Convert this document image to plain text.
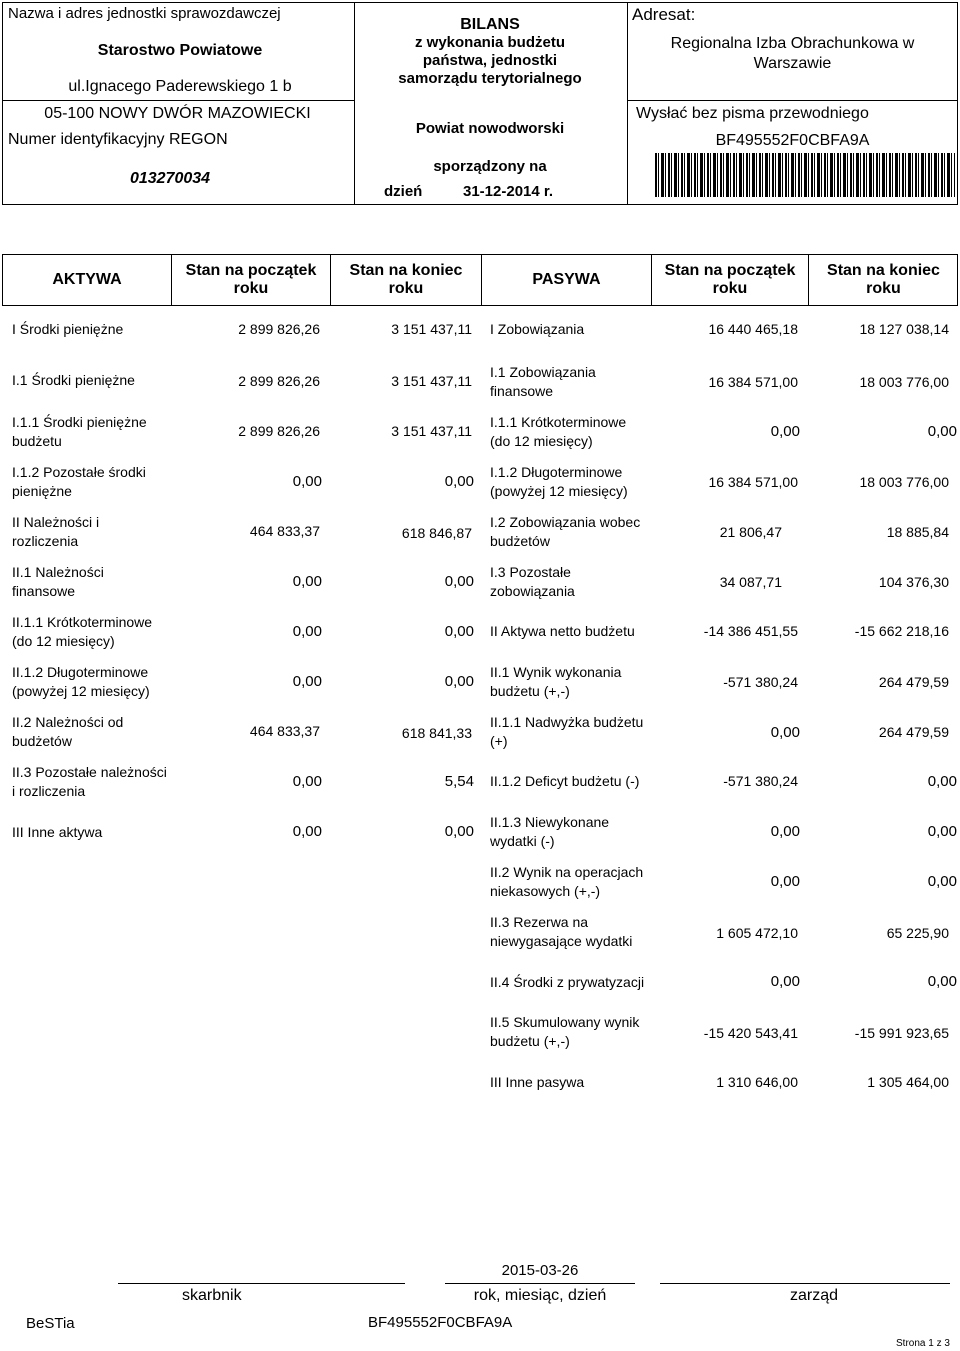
Nazwa i adres jednostki sprawozdawczej
Starostwo Powiatowe
ul.Ignacego Paderewskiego 1 b
05-100 NOWY DWÓR MAZOWIECKI
Numer identyfikacyjny REGON
013270034
BILANS
z wykonania budżetu
państwa, jednostki
samorządu terytorialnego
Powiat nowodworski
sporządzony na
dzień	31-12-2014 r.
Adresat:
Regionalna Izba Obrachunkowa w
Warszawie
Wysłać bez pisma przewodniego
BF495552F0CBFA9A
AKTYWA
Stan na początek
roku
Stan na koniec
roku
PASYWA
Stan na początek
roku
Stan na koniec
roku
I Środki pieniężne	2 899 826,26	3 151 437,11
I.1 Środki pieniężne	2 899 826,26	3 151 437,11
I.1.1 Środki pieniężne budżetu
2 899 826,26	3 151 437,11
I.1.2 Pozostałe środki pieniężne
0,00	0,00
II Należności i rozliczenia
464 833,37	618 846,87
II.1 Należności finansowe
0,00	0,00
II.1.1 Krótkoterminowe (do 12 miesięcy)
0,00	0,00
II.1.2 Długoterminowe (powyżej 12 miesięcy)
0,00	0,00
II.2 Należności od budżetów
464 833,37	618 841,33
II.3 Pozostałe należności i rozliczenia
0,00	5,54
III Inne aktywa	0,00	0,00
I Zobowiązania	16 440 465,18	18 127 038,14
I.1 Zobowiązania finansowe
16 384 571,00	18 003 776,00
I.1.1 Krótkoterminowe (do 12 miesięcy)
0,00	0,00
I.1.2 Długoterminowe (powyżej 12 miesięcy)
16 384 571,00	18 003 776,00
I.2 Zobowiązania wobec budżetów
21 806,47	18 885,84
I.3 Pozostałe zobowiązania
34 087,71	104 376,30
II Aktywa netto budżetu	-14 386 451,55	-15 662 218,16
II.1 Wynik wykonania budżetu (+,-)
-571 380,24	264 479,59
II.1.1 Nadwyżka budżetu (+)	0,00	264 479,59
II.1.2 Deficyt budżetu (-)	-571 380,24	0,00
II.1.3 Niewykonane wydatki (-)
0,00	0,00
II.2 Wynik na operacjach niekasowych (+,-)
0,00	0,00
II.3 Rezerwa na niewygasające wydatki	1 605 472,10	65 225,90
II.4 Środki z prywatyzacji	0,00	0,00
II.5 Skumulowany wynik budżetu (+,-)	-15 420 543,41	-15 991 923,65
III Inne pasywa	1 310 646,00	1 305 464,00
2015-03-26
skarbnik	rok, miesiąc, dzień	zarząd
BeSTia	BF495552F0CBFA9A
Strona 1 z 3
